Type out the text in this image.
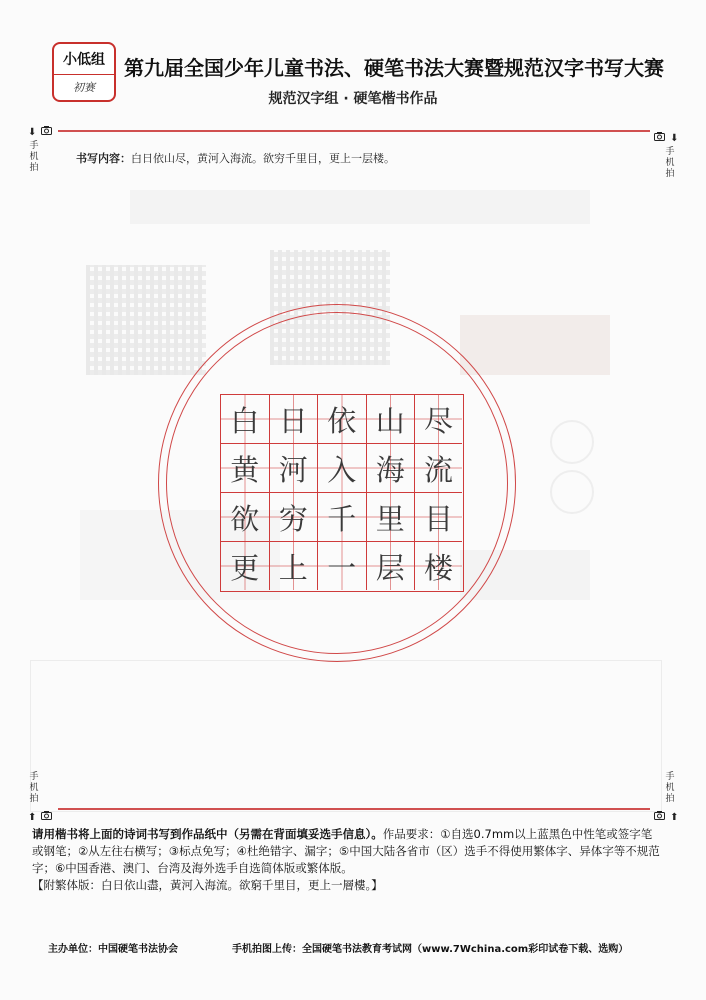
小低组
初赛
第九届全国少年儿童书法、硬笔书法大赛暨规范汉字书写大赛
规范汉字组 · 硬笔楷书作品
⬇
手
机
拍
⬇
手
机
拍
书写内容：白日依山尽，黄河入海流。欲穷千里目，更上一层楼。
白 日 依 山 尽
黄 河 入 海 流
欲 穷 千 里 目
更 上 一 层 楼
手
机
拍
⬆
手
机
拍
⬆
请用楷书将上面的诗词书写到作品纸中（另需在背面填妥选手信息）。作品要求：①自选0.7mm以上蓝黑色中性笔或签字笔或钢笔；②从左往右横写；③标点免写；④杜绝错字、漏字；⑤中国大陆各省市（区）选手不得使用繁体字、异体字等不规范字；⑥中国香港、澳门、台湾及海外选手自选简体版或繁体版。
【附繁体版：白日依山盡，黃河入海流。欲窮千里目，更上一層樓。】
主办单位：中国硬笔书法协会	手机拍图上传：全国硬笔书法教育考试网（www.7Wchina.com彩印试卷下载、选购）
